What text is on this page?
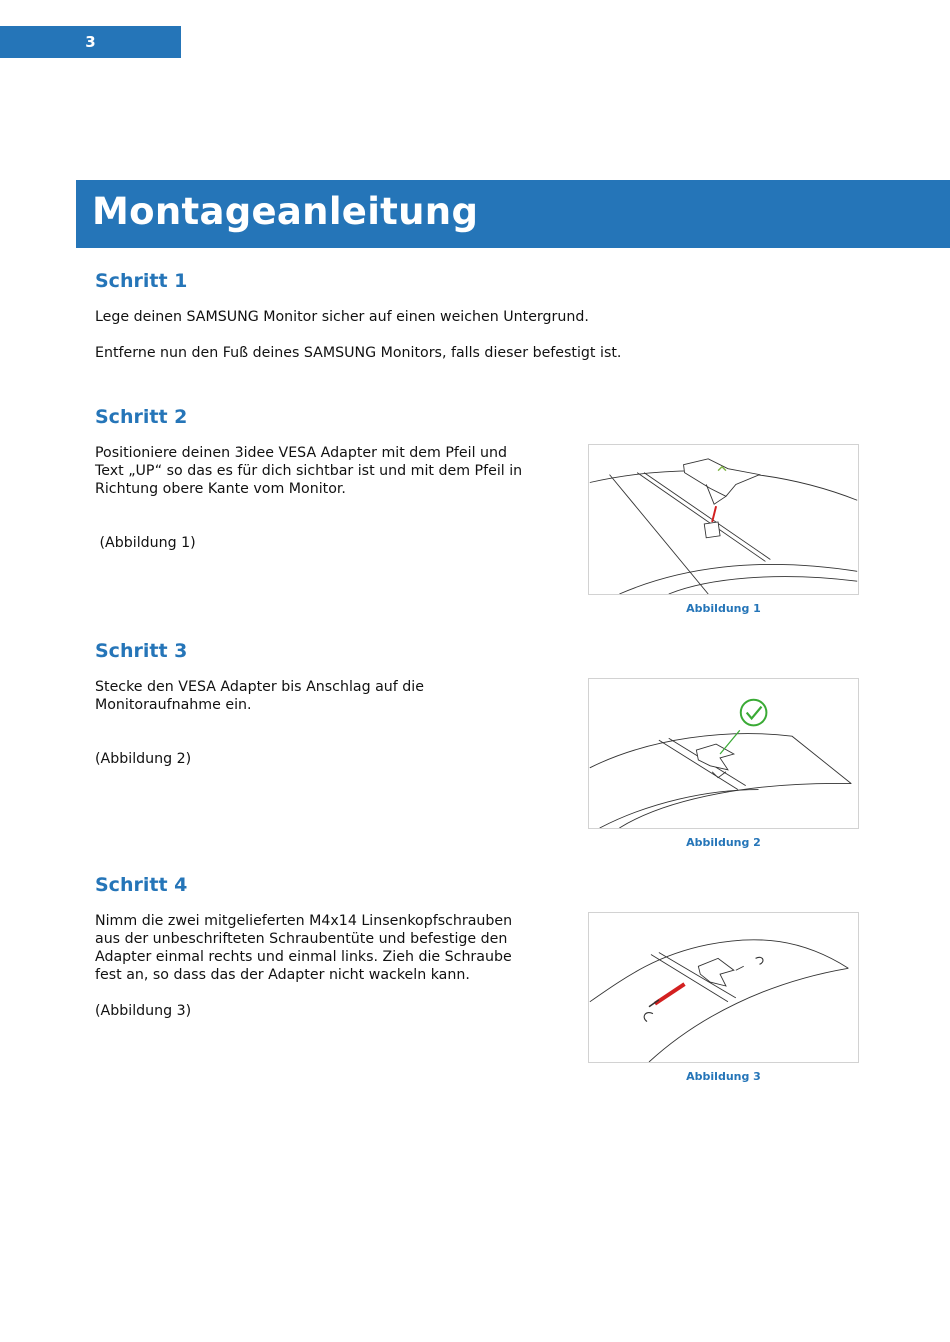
3
Montageanleitung
Schritt 1

Lege deinen SAMSUNG Monitor sicher auf einen weichen Untergrund.

Entferne nun den Fuß deines SAMSUNG Monitors, falls dieser befestigt ist.

Schritt 2

Positioniere deinen 3idee VESA Adapter mit dem Pfeil und
Text „UP“ so das es für dich sichtbar ist und mit dem Pfeil in
Richtung obere Kante vom Monitor.

(Abbildung 1)

Abbildung 1
Schritt 3

Stecke den VESA Adapter bis Anschlag auf die
Monitoraufnahme ein.

(Abbildung 2)

Abbildung 2
Schritt 4

Nimm die zwei mitgelieferten M4x14 Linsenkopfschrauben
aus der unbeschrifteten Schraubentüte und befestige den
Adapter einmal rechts und einmal links. Zieh die Schraube
fest an, so dass das der Adapter nicht wackeln kann.

(Abbildung 3)

Abbildung 3
